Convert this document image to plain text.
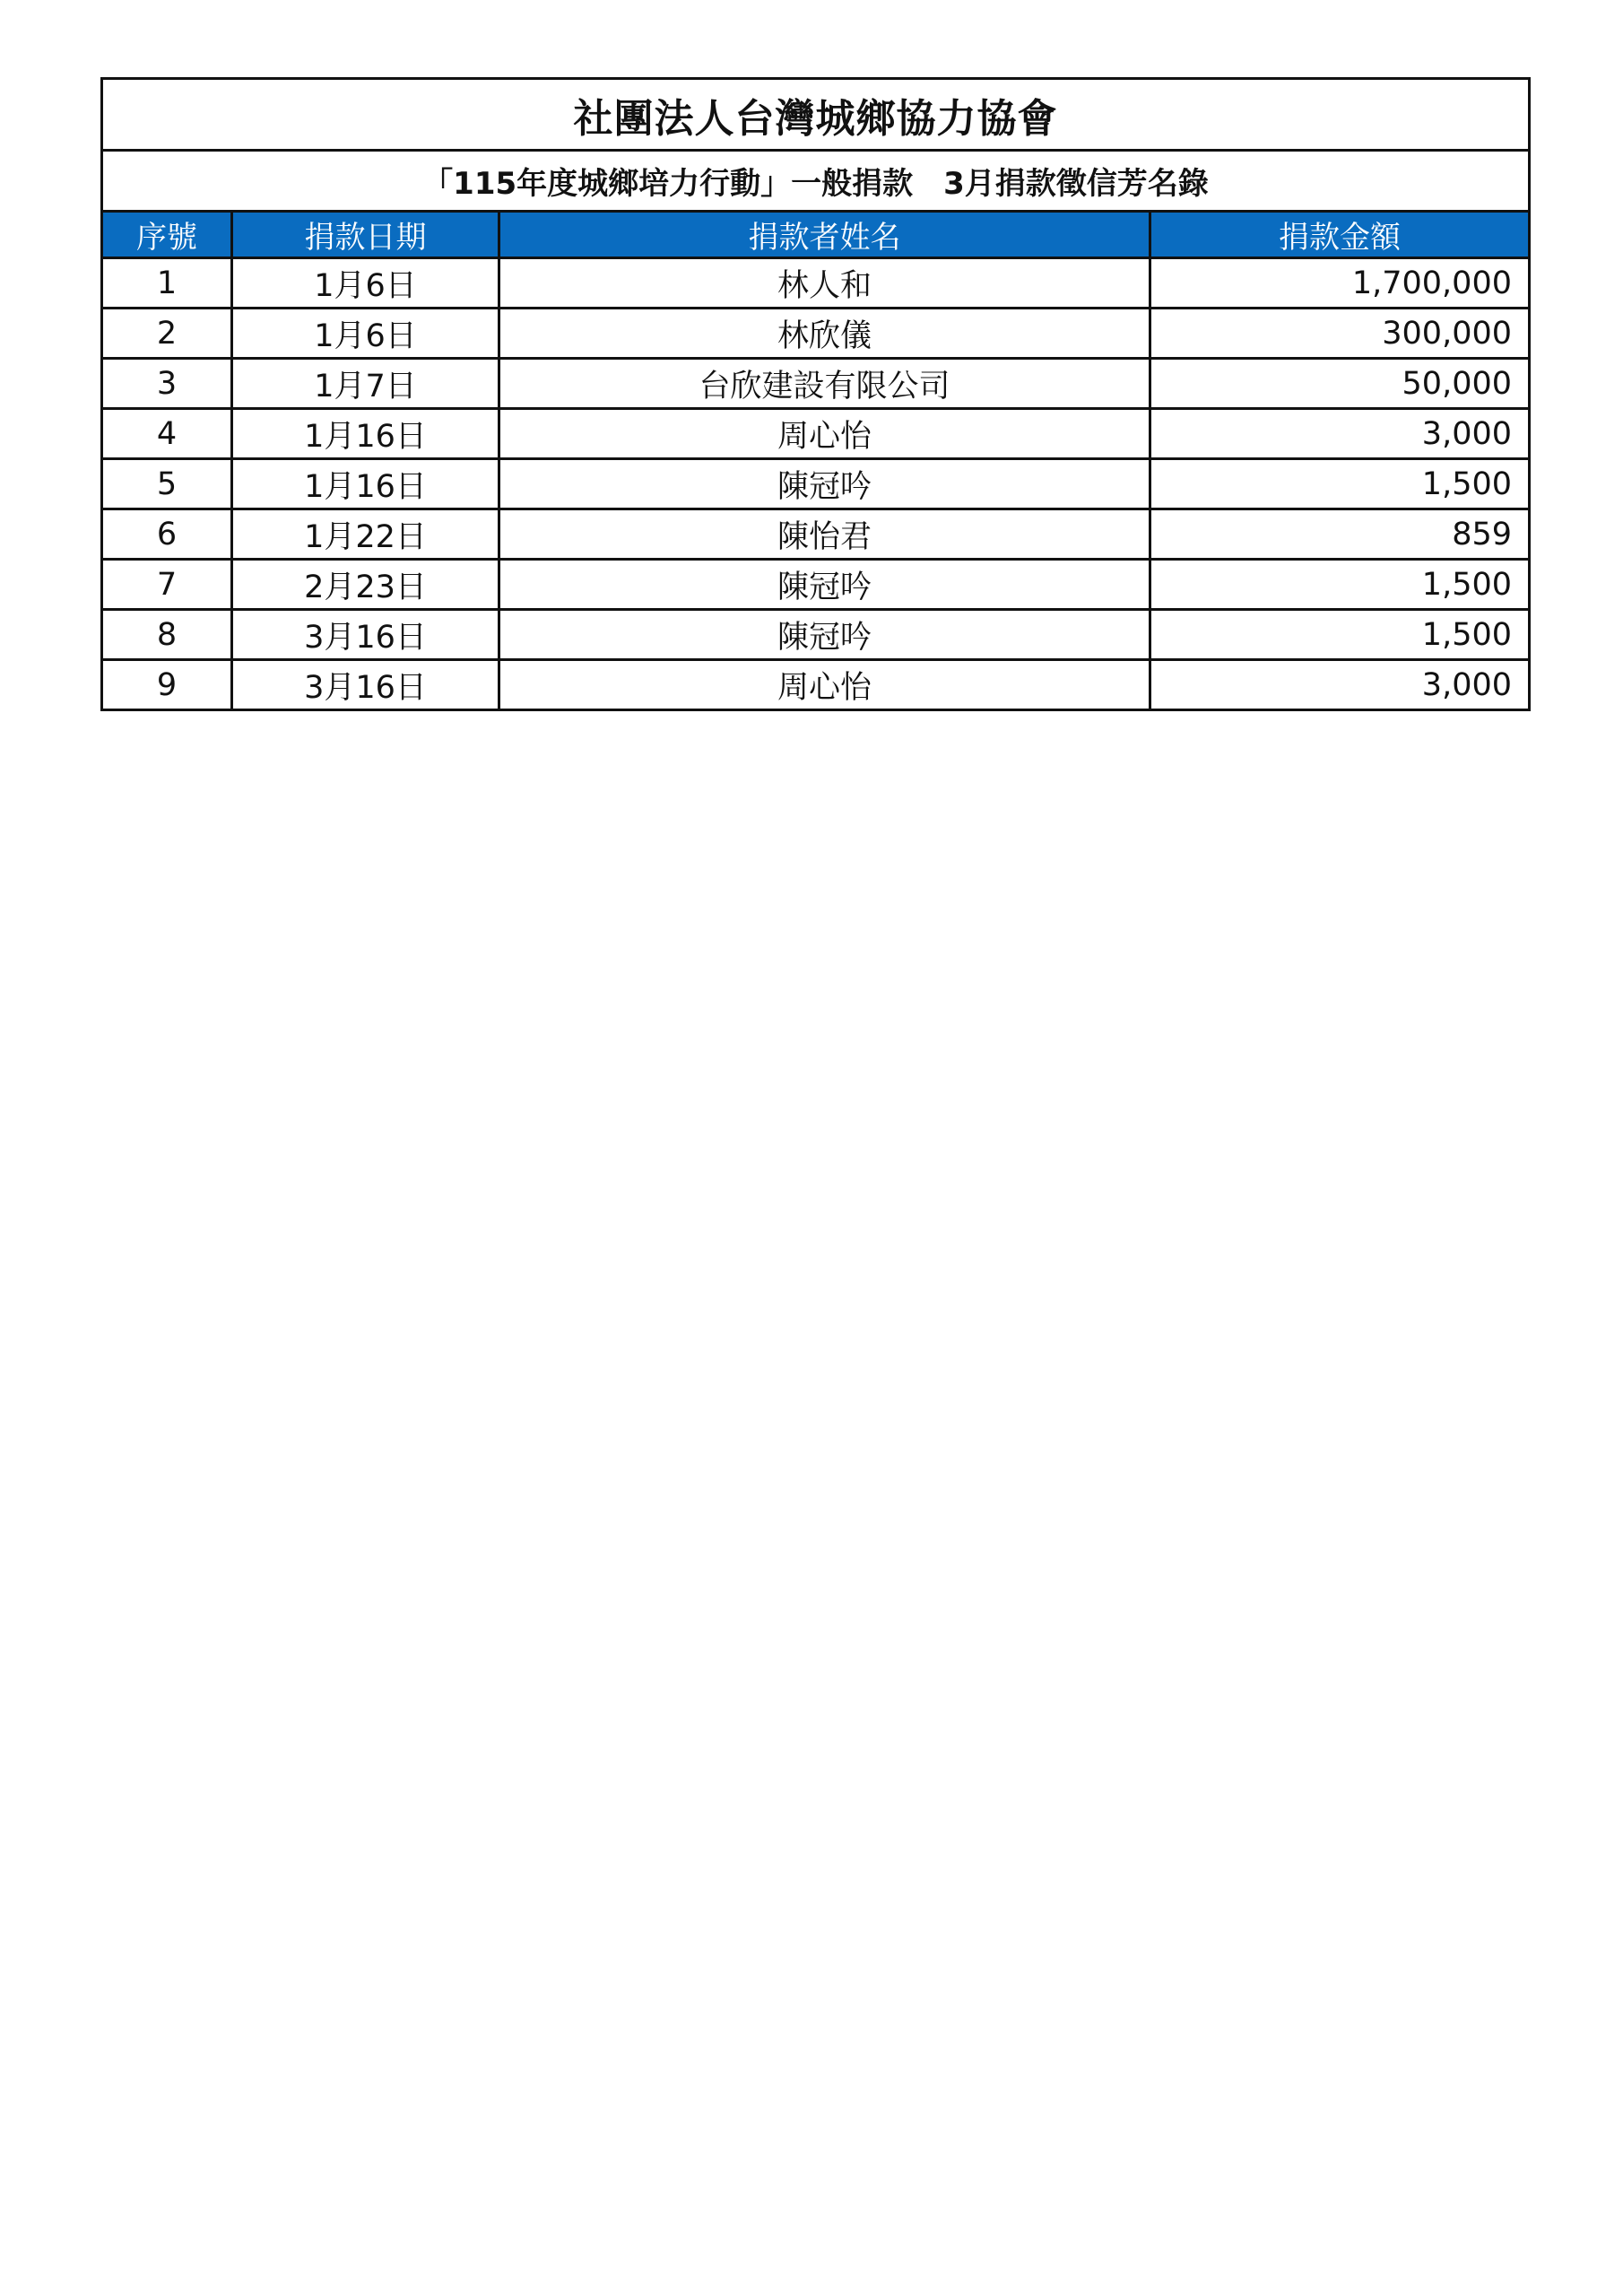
社團法人台灣城鄉協力協會			
「115年度城鄉培力行動」一般捐款　3月捐款徵信芳名錄			
序號	捐款日期	捐款者姓名	捐款金額
1	1月6日	林人和	1,700,000
2	1月6日	林欣儀	300,000
3	1月7日	台欣建設有限公司	50,000
4	1月16日	周心怡	3,000
5	1月16日	陳冠吟	1,500
6	1月22日	陳怡君	859
7	2月23日	陳冠吟	1,500
8	3月16日	陳冠吟	1,500
9	3月16日	周心怡	3,000
